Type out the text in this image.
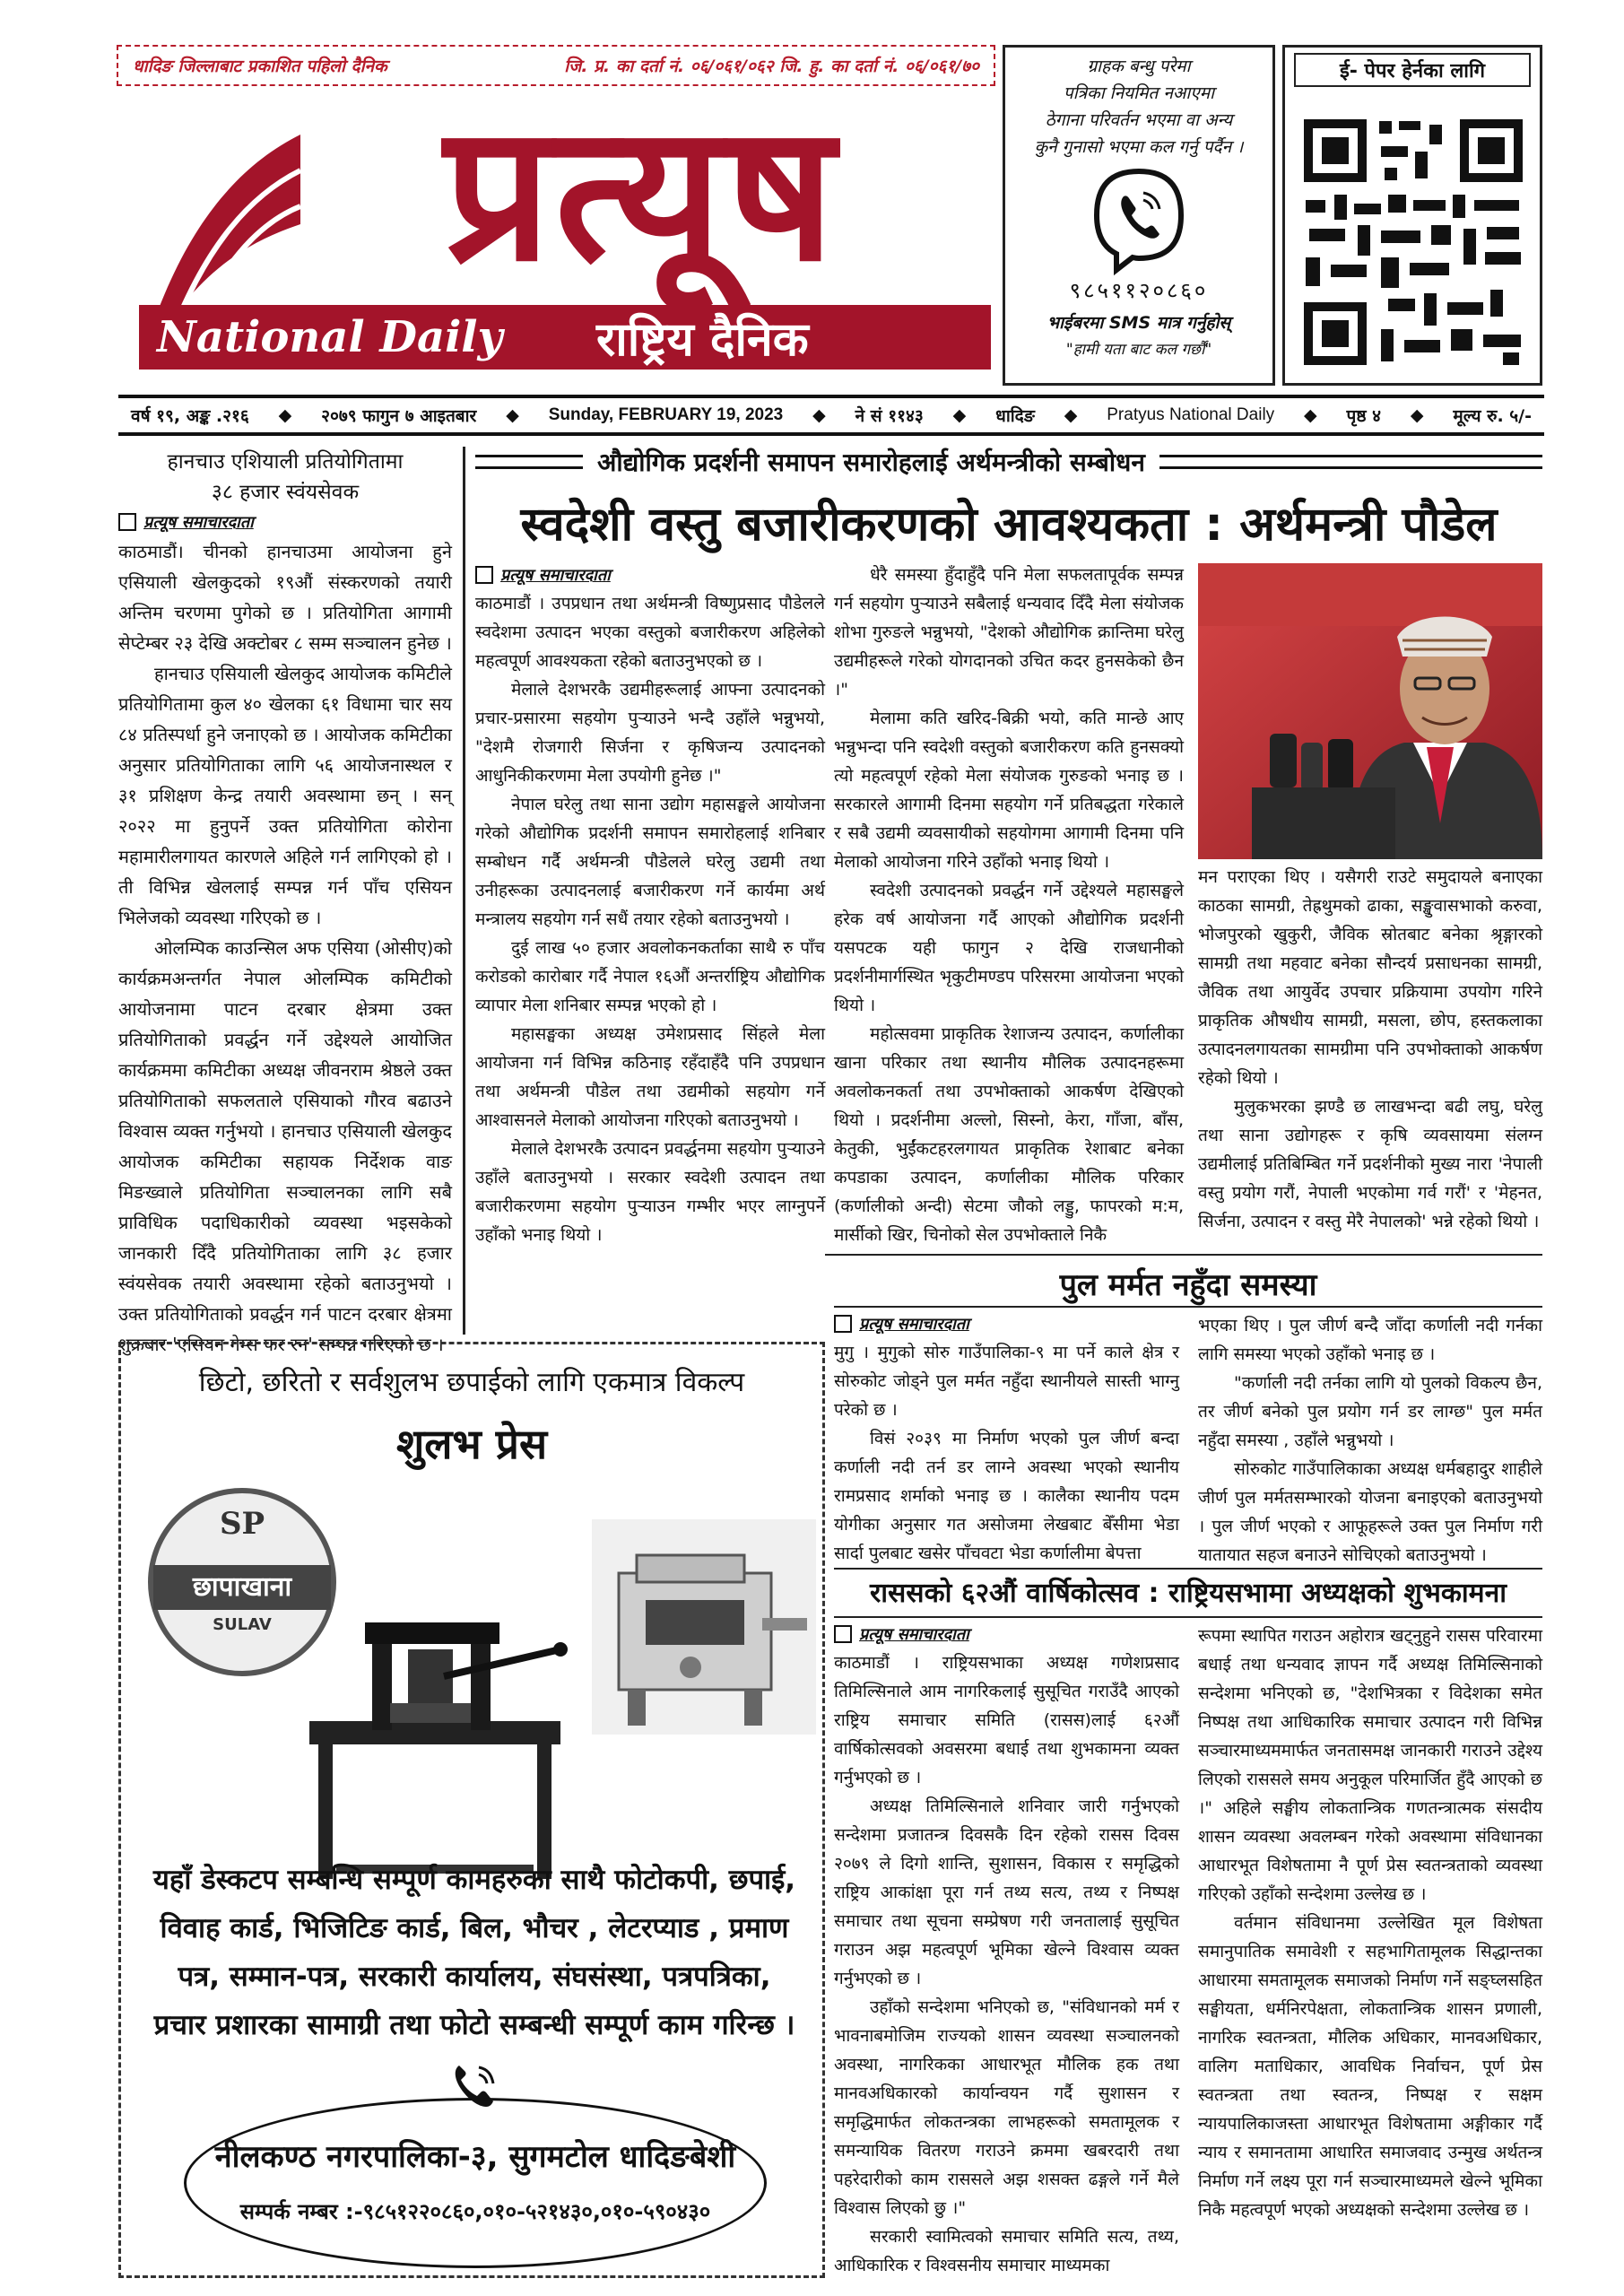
धादिङ जिल्लाबाट प्रकाशित पहिलो दैनिक	जि. प्र. का दर्ता नं. ०६/०६१/०६२ जि. हु. का दर्ता नं. ०६/०६१/७०
प्रत्यूष
National Daily	राष्ट्रिय दैनिक
ग्राहक बन्धु परेमा
पत्रिका नियमित नआएमा
ठेगाना परिवर्तन भएमा वा अन्य
कुनै गुनासो भएमा कल गर्नु पर्दैन ।
९८५११२०८६०
भाईबरमा SMS मात्र गर्नुहोस्
"हामी यता बाट कल गर्छौं"
ई- पेपर हेर्नका लागि
वर्ष १९, अङ्क .२१६ ◆ २०७९ फागुन ७ आइतबार ◆ Sunday, FEBRUARY 19, 2023 ◆ ने सं ११४३ ◆ धादिङ ◆ Pratyus National Daily ◆ पृष्ठ ४ ◆ मूल्य रु. ५/-
हानचाउ एशियाली प्रतियोगितामा
३८ हजार स्वंयसेवक
प्रत्यूष समाचारदाता

काठमाडौं। चीनको हानचाउमा आयोजना हुने एसियाली खेलकुदको १९औं संस्करणको तयारी अन्तिम चरणमा पुगेको छ । प्रतियोगिता आगामी सेप्टेम्बर २३ देखि अक्टोबर ८ सम्म सञ्चालन हुनेछ ।

हानचाउ एसियाली खेलकुद आयोजक कमिटीले प्रतियोगितामा कुल ४० खेलका ६१ विधामा चार सय ८४ प्रतिस्पर्धा हुने जनाएको छ । आयोजक कमिटीका अनुसार प्रतियोगिताका लागि ५६ आयोजनास्थल र ३१ प्रशिक्षण केन्द्र तयारी अवस्थामा छन् । सन् २०२२ मा हुनुपर्ने उक्त प्रतियोगिता कोरोना महामारीलगायत कारणले अहिले गर्न लागिएको हो । ती विभिन्न खेललाई सम्पन्न गर्न पाँच एसियन भिलेजको व्यवस्था गरिएको छ ।

ओलम्पिक काउन्सिल अफ एसिया (ओसीए)को कार्यक्रमअन्तर्गत नेपाल ओलम्पिक कमिटीको आयोजनामा पाटन दरबार क्षेत्रमा उक्त प्रतियोगिताको प्रवर्द्धन गर्ने उद्देश्यले आयोजित कार्यक्रममा कमिटीका अध्यक्ष जीवनराम श्रेष्ठले उक्त प्रतियोगिताको सफलताले एसियाको गौरव बढाउने विश्वास व्यक्त गर्नुभयो । हानचाउ एसियाली खेलकुद आयोजक कमिटीका सहायक निर्देशक वाङ मिङख्वाले प्रतियोगिता सञ्चालनका लागि सबै प्राविधिक पदाधिकारीको व्यवस्था भइसकेको जानकारी दिँदै प्रतियोगिताका लागि ३८ हजार स्वंयसेवक तयारी अवस्थामा रहेको बताउनुभयो । उक्त प्रतियोगिताको प्रवर्द्धन गर्न पाटन दरबार क्षेत्रमा शुक्रबार 'एसियन गेम्स फर रन' सम्पन्न गरिएको छ ।

औद्योगिक प्रदर्शनी समापन समारोहलाई अर्थमन्त्रीको सम्बोधन
स्वदेशी वस्तु बजारीकरणको आवश्यकता : अर्थमन्त्री पौडेल
प्रत्यूष समाचारदाता

काठमाडौं । उपप्रधान तथा अर्थमन्त्री विष्णुप्रसाद पौडेलले स्वदेशमा उत्पादन भएका वस्तुको बजारीकरण अहिलेको महत्वपूर्ण आवश्यकता रहेको बताउनुभएको छ ।

मेलाले देशभरकै उद्यमीहरूलाई आफ्ना उत्पादनको प्रचार-प्रसारमा सहयोग पुऱ्याउने भन्दै उहाँले भन्नुभयो, "देशमै रोजगारी सिर्जना र कृषिजन्य उत्पादनको आधुनिकीकरणमा मेला उपयोगी हुनेछ ।"

नेपाल घरेलु तथा साना उद्योग महासङ्घले आयोजना गरेको औद्योगिक प्रदर्शनी समापन समारोहलाई शनिबार सम्बोधन गर्दै अर्थमन्त्री पौडेलले घरेलु उद्यमी तथा उनीहरूका उत्पादनलाई बजारीकरण गर्ने कार्यमा अर्थ मन्त्रालय सहयोग गर्न सधैं तयार रहेको बताउनुभयो ।

दुई लाख ५० हजार अवलोकनकर्ताका साथै रु पाँच करोडको कारोबार गर्दै नेपाल १६औं अन्तर्राष्ट्रिय औद्योगिक व्यापार मेला शनिबार सम्पन्न भएको हो ।

महासङ्घका अध्यक्ष उमेशप्रसाद सिंहले मेला आयोजना गर्न विभिन्न कठिनाइ रहँदाहँदै पनि उपप्रधान तथा अर्थमन्त्री पौडेल तथा उद्यमीको सहयोग गर्ने आश्वासनले मेलाको आयोजना गरिएको बताउनुभयो ।

मेलाले देशभरकै उत्पादन प्रवर्द्धनमा सहयोग पुऱ्याउने उहाँले बताउनुभयो । सरकार स्वदेशी उत्पादन तथा बजारीकरणमा सहयोग पुऱ्याउन गम्भीर भएर लाग्नुपर्ने उहाँको भनाइ थियो ।

धेरै समस्या हुँदाहुँदै पनि मेला सफलतापूर्वक सम्पन्न गर्न सहयोग पुऱ्याउने सबैलाई धन्यवाद दिँदै मेला संयोजक शोभा गुरुङले भन्नुभयो, "देशको औद्योगिक क्रान्तिमा घरेलु उद्यमीहरूले गरेको योगदानको उचित कदर हुनसकेको छैन ।"

मेलामा कति खरिद-बिक्री भयो, कति मान्छे आए भन्नुभन्दा पनि स्वदेशी वस्तुको बजारीकरण कति हुनसक्यो त्यो महत्वपूर्ण रहेको मेला संयोजक गुरुङको भनाइ छ । सरकारले आगामी दिनमा सहयोग गर्ने प्रतिबद्धता गरेकाले र सबै उद्यमी व्यवसायीको सहयोगमा आगामी दिनमा पनि मेलाको आयोजना गरिने उहाँको भनाइ थियो ।

स्वदेशी उत्पादनको प्रवर्द्धन गर्ने उद्देश्यले महासङ्घले हरेक वर्ष आयोजना गर्दै आएको औद्योगिक प्रदर्शनी यसपटक यही फागुन २ देखि राजधानीको प्रदर्शनीमार्गस्थित भृकुटीमण्डप परिसरमा आयोजना भएको थियो ।

महोत्सवमा प्राकृतिक रेशाजन्य उत्पादन, कर्णालीका खाना परिकार तथा स्थानीय मौलिक उत्पादनहरूमा अवलोकनकर्ता तथा उपभोक्ताको आकर्षण देखिएको थियो । प्रदर्शनीमा अल्लो, सिस्नो, केरा, गाँजा, बाँस, केतुकी, भुईंकटहरलगायत प्राकृतिक रेशाबाट बनेका कपडाका उत्पादन, कर्णालीका मौलिक परिकार (कर्णालीको अन्दी) सेटमा जौको लड्डु, फापरको म:म, मार्सीको खिर, चिनोको सेल उपभोक्ताले निकै

मन पराएका थिए । यसैगरी राउटे समुदायले बनाएका काठका सामग्री, तेह्रथुमको ढाका, सङ्खुवासभाको करुवा, भोजपुरको खुकुरी, जैविक स्रोतबाट बनेका श्रृङ्गारको सामग्री तथा महवाट बनेका सौन्दर्य प्रसाधनका सामग्री, जैविक तथा आयुर्वेद उपचार प्रक्रियामा उपयोग गरिने प्राकृतिक औषधीय सामग्री, मसला, छोप, हस्तकलाका उत्पादनलगायतका सामग्रीमा पनि उपभोक्ताको आकर्षण रहेको थियो ।

मुलुकभरका झण्डै छ लाखभन्दा बढी लघु, घरेलु तथा साना उद्योगहरू र कृषि व्यवसायमा संलग्न उद्यमीलाई प्रतिबिम्बित गर्ने प्रदर्शनीको मुख्य नारा 'नेपाली वस्तु प्रयोग गरौं, नेपाली भएकोमा गर्व गरौं' र 'मेहनत, सिर्जना, उत्पादन र वस्तु मेरै नेपालको' भन्ने रहेको थियो ।

पुल मर्मत नहुँदा समस्या
प्रत्यूष समाचारदाता

मुगु । मुगुको सोरु गाउँपालिका-९ मा पर्ने काले क्षेत्र र सोरुकोट जोड्ने पुल मर्मत नहुँदा स्थानीयले सास्ती भाग्नु परेको छ ।

विसं २०३९ मा निर्माण भएको पुल जीर्ण बन्दा कर्णाली नदी तर्न डर लाग्ने अवस्था भएको स्थानीय रामप्रसाद शर्माको भनाइ छ । कालैका स्थानीय पदम योगीका अनुसार गत असोजमा लेखबाट बेँसीमा भेडा सार्दा पुलबाट खसेर पाँचवटा भेडा कर्णालीमा बेपत्ता

भएका थिए । पुल जीर्ण बन्दै जाँदा कर्णाली नदी गर्नका लागि समस्या भएको उहाँको भनाइ छ ।

"कर्णाली नदी तर्नका लागि यो पुलको विकल्प छैन, तर जीर्ण बनेको पुल प्रयोग गर्न डर लाग्छ" पुल मर्मत नहुँदा समस्या , उहाँले भन्नुभयो ।

सोरुकोट गाउँपालिकाका अध्यक्ष धर्मबहादुर शाहीले जीर्ण पुल मर्मतसम्भारको योजना बनाइएको बताउनुभयो । पुल जीर्ण भएको र आफूहरूले उक्त पुल निर्माण गरी यातायात सहज बनाउने सोचिएको बताउनुभयो ।

राससको ६२औं वार्षिकोत्सव : राष्ट्रियसभामा अध्यक्षको शुभकामना
प्रत्यूष समाचारदाता

काठमाडौं । राष्ट्रियसभाका अध्यक्ष गणेशप्रसाद तिमिल्सिनाले आम नागरिकलाई सुसूचित गराउँदै आएको राष्ट्रिय समाचार समिति (रासस)लाई ६२औं वार्षिकोत्सवको अवसरमा बधाई तथा शुभकामना व्यक्त गर्नुभएको छ ।

अध्यक्ष तिमिल्सिनाले शनिवार जारी गर्नुभएको सन्देशमा प्रजातन्त्र दिवसकै दिन रहेको रासस दिवस २०७९ ले दिगो शान्ति, सुशासन, विकास र समृद्धिको राष्ट्रिय आकांक्षा पूरा गर्न तथ्य सत्य, तथ्य र निष्पक्ष समाचार तथा सूचना सम्प्रेषण गरी जनतालाई सुसूचित गराउन अझ महत्वपूर्ण भूमिका खेल्ने विश्वास व्यक्त गर्नुभएको छ ।

उहाँको सन्देशमा भनिएको छ, "संविधानको मर्म र भावनाबमोजिम राज्यको शासन व्यवस्था सञ्चालनको अवस्था, नागरिकका आधारभूत मौलिक हक तथा मानवअधिकारको कार्यान्वयन गर्दै सुशासन र समृद्धिमार्फत लोकतन्त्रका लाभहरूको समतामूलक र समन्यायिक वितरण गराउने क्रममा खबरदारी तथा पहरेदारीको काम राससले अझ शसक्त ढङ्गले गर्ने मैले विश्वास लिएको छु ।"

सरकारी स्वामित्वको समाचार समिति सत्य, तथ्य, आधिकारिक र विश्वसनीय समाचार माध्यमका

रूपमा स्थापित गराउन अहोरात्र खट्नुहुने रासस परिवारमा बधाई तथा धन्यवाद ज्ञापन गर्दै अध्यक्ष तिमिल्सिनाको सन्देशमा भनिएको छ, "देशभित्रका र विदेशका समेत निष्पक्ष तथा आधिकारिक समाचार उत्पादन गरी विभिन्न सञ्चारमाध्यममार्फत जनतासमक्ष जानकारी गराउने उद्देश्य लिएको राससले समय अनुकूल परिमार्जित हुँदै आएको छ ।" अहिले सङ्घीय लोकतान्त्रिक गणतन्त्रात्मक संसदीय शासन व्यवस्था अवलम्बन गरेको अवस्थामा संविधानका आधारभूत विशेषतामा नै पूर्ण प्रेस स्वतन्त्रताको व्यवस्था गरिएको उहाँको सन्देशमा उल्लेख छ ।

वर्तमान संविधानमा उल्लेखित मूल विशेषता समानुपातिक समावेशी र सहभागितामूलक सिद्धान्तका आधारमा समतामूलक समाजको निर्माण गर्ने सङ्घ्लसहित सङ्घीयता, धर्मनिरपेक्षता, लोकतान्त्रिक शासन प्रणाली, नागरिक स्वतन्त्रता, मौलिक अधिकार, मानवअधिकार, वालिग मताधिकार, आवधिक निर्वाचन, पूर्ण प्रेस स्वतन्त्रता तथा स्वतन्त्र, निष्पक्ष र सक्षम न्यायपालिकाजस्ता आधारभूत विशेषतामा अङ्गीकार गर्दै न्याय र समानतामा आधारित समाजवाद उन्मुख अर्थतन्त्र निर्माण गर्ने लक्ष्य पूरा गर्न सञ्चारमाध्यमले खेल्ने भूमिका निकै महत्वपूर्ण भएको अध्यक्षको सन्देशमा उल्लेख छ ।

छिटो, छरितो र सर्वशुलभ छपाईको लागि एकमात्र विकल्प
शुलभ प्रेस
SP
छापाखाना
SULAV
यहाँ डेस्कटप सम्बन्धि सम्पूर्ण कामहरुका साथै फोटोकपी, छपाई, विवाह कार्ड, भिजिटिङ कार्ड, बिल, भौचर , लेटरप्याड , प्रमाण पत्र, सम्मान-पत्र, सरकारी कार्यालय, संघसंस्था, पत्रपत्रिका, प्रचार प्रशारका सामाग्री तथा फोटो सम्बन्धी सम्पूर्ण काम गरिन्छ ।
नीलकण्ठ नगरपालिका-३, सुगमटोल धादिङबेशी
सम्पर्क नम्बर :-९८५१२२०८६०,०१०-५२१४३०,०१०-५९०४३०
